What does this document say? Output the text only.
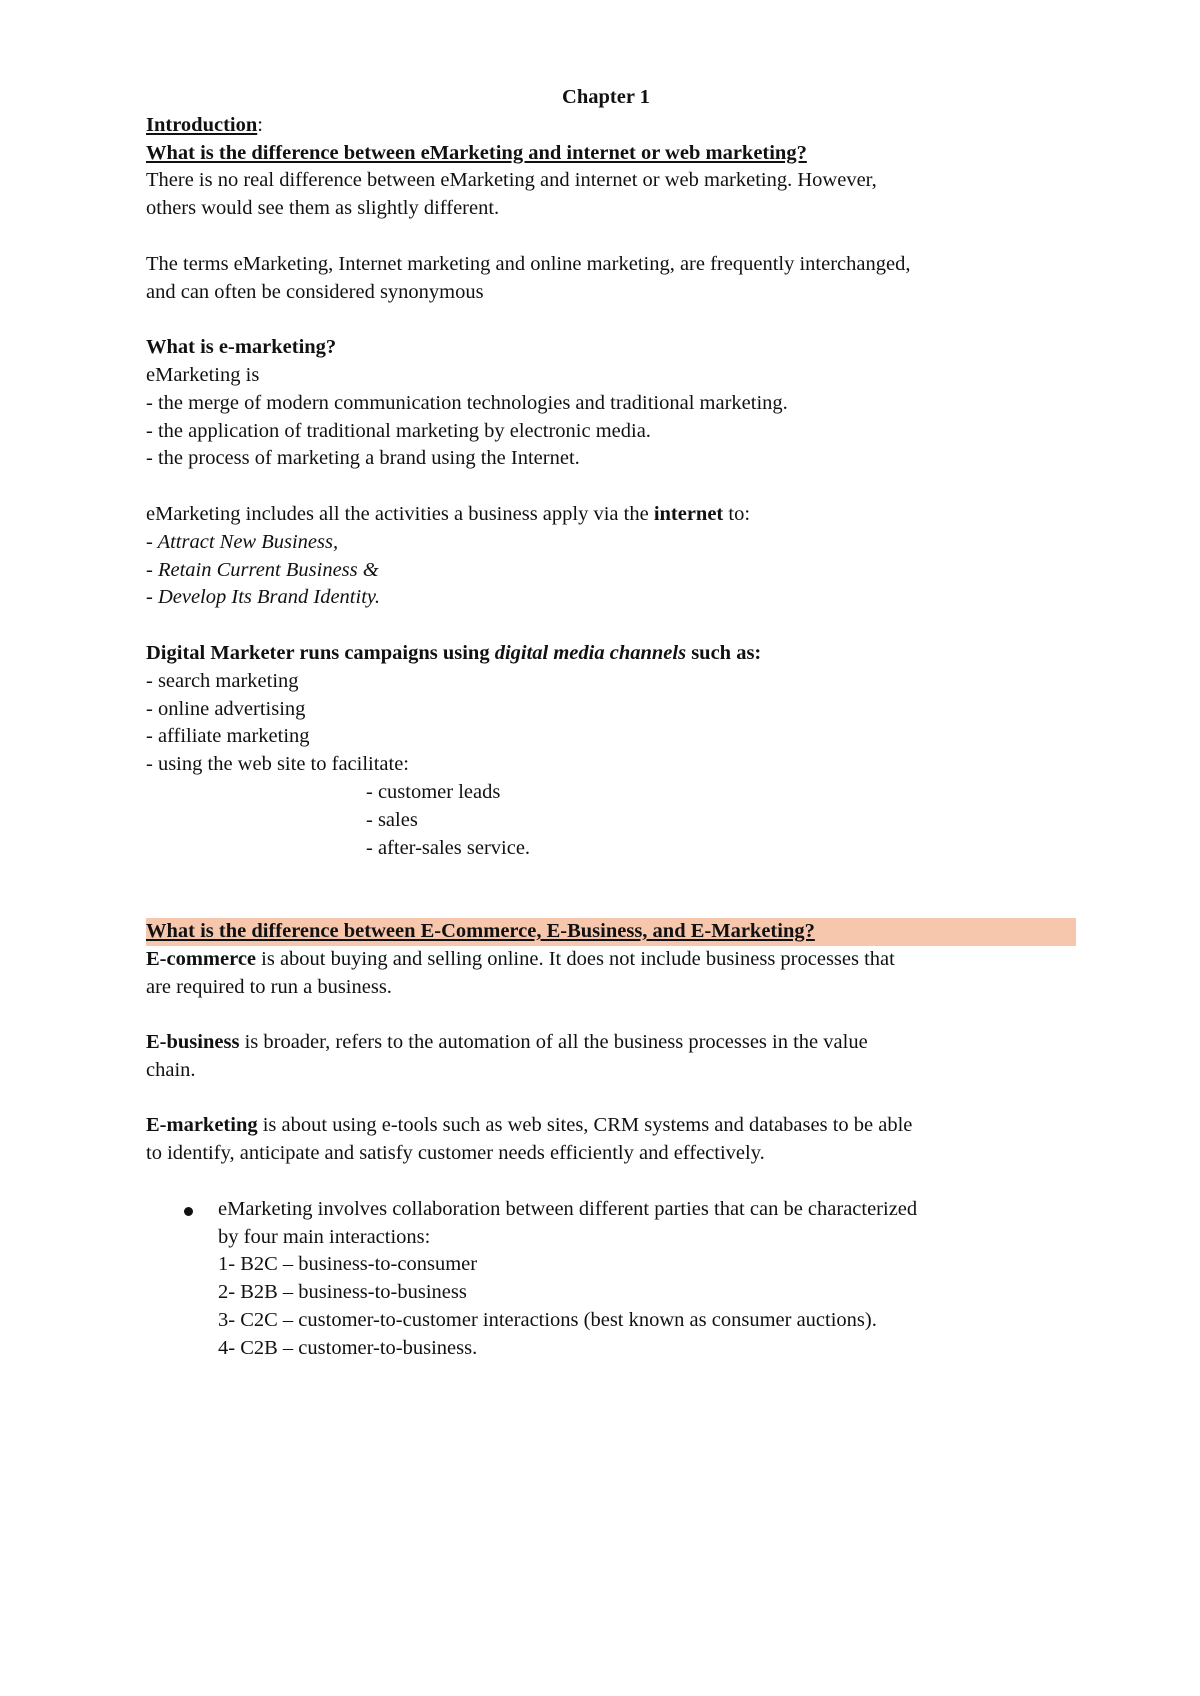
Chapter 1
Introduction:
What is the difference between eMarketing and internet or web marketing?
There is no real difference between eMarketing and internet or web marketing. However,
others would see them as slightly different.
The terms eMarketing, Internet marketing and online marketing, are frequently interchanged,
and can often be considered synonymous
What is e-marketing?
eMarketing is
- the merge of modern communication technologies and traditional marketing.
- the application of traditional marketing by electronic media.
- the process of marketing a brand using the Internet.
eMarketing includes all the activities a business apply via the internet to:
- Attract New Business,
- Retain Current Business &
- Develop Its Brand Identity.
Digital Marketer runs campaigns using digital media channels such as:
- search marketing
- online advertising
- affiliate marketing
- using the web site to facilitate:
- customer leads
- sales
- after-sales service.
What is the difference between E-Commerce, E-Business, and E-Marketing?
E-commerce is about buying and selling online. It does not include business processes that
are required to run a business.
E-business is broader, refers to the automation of all the business processes in the value
chain.
E-marketing is about using e-tools such as web sites, CRM systems and databases to be able
to identify, anticipate and satisfy customer needs efficiently and effectively.
eMarketing involves collaboration between different parties that can be characterized
by four main interactions:
1- B2C – business-to-consumer
2- B2B – business-to-business
3- C2C – customer-to-customer interactions (best known as consumer auctions).
4- C2B – customer-to-business.
